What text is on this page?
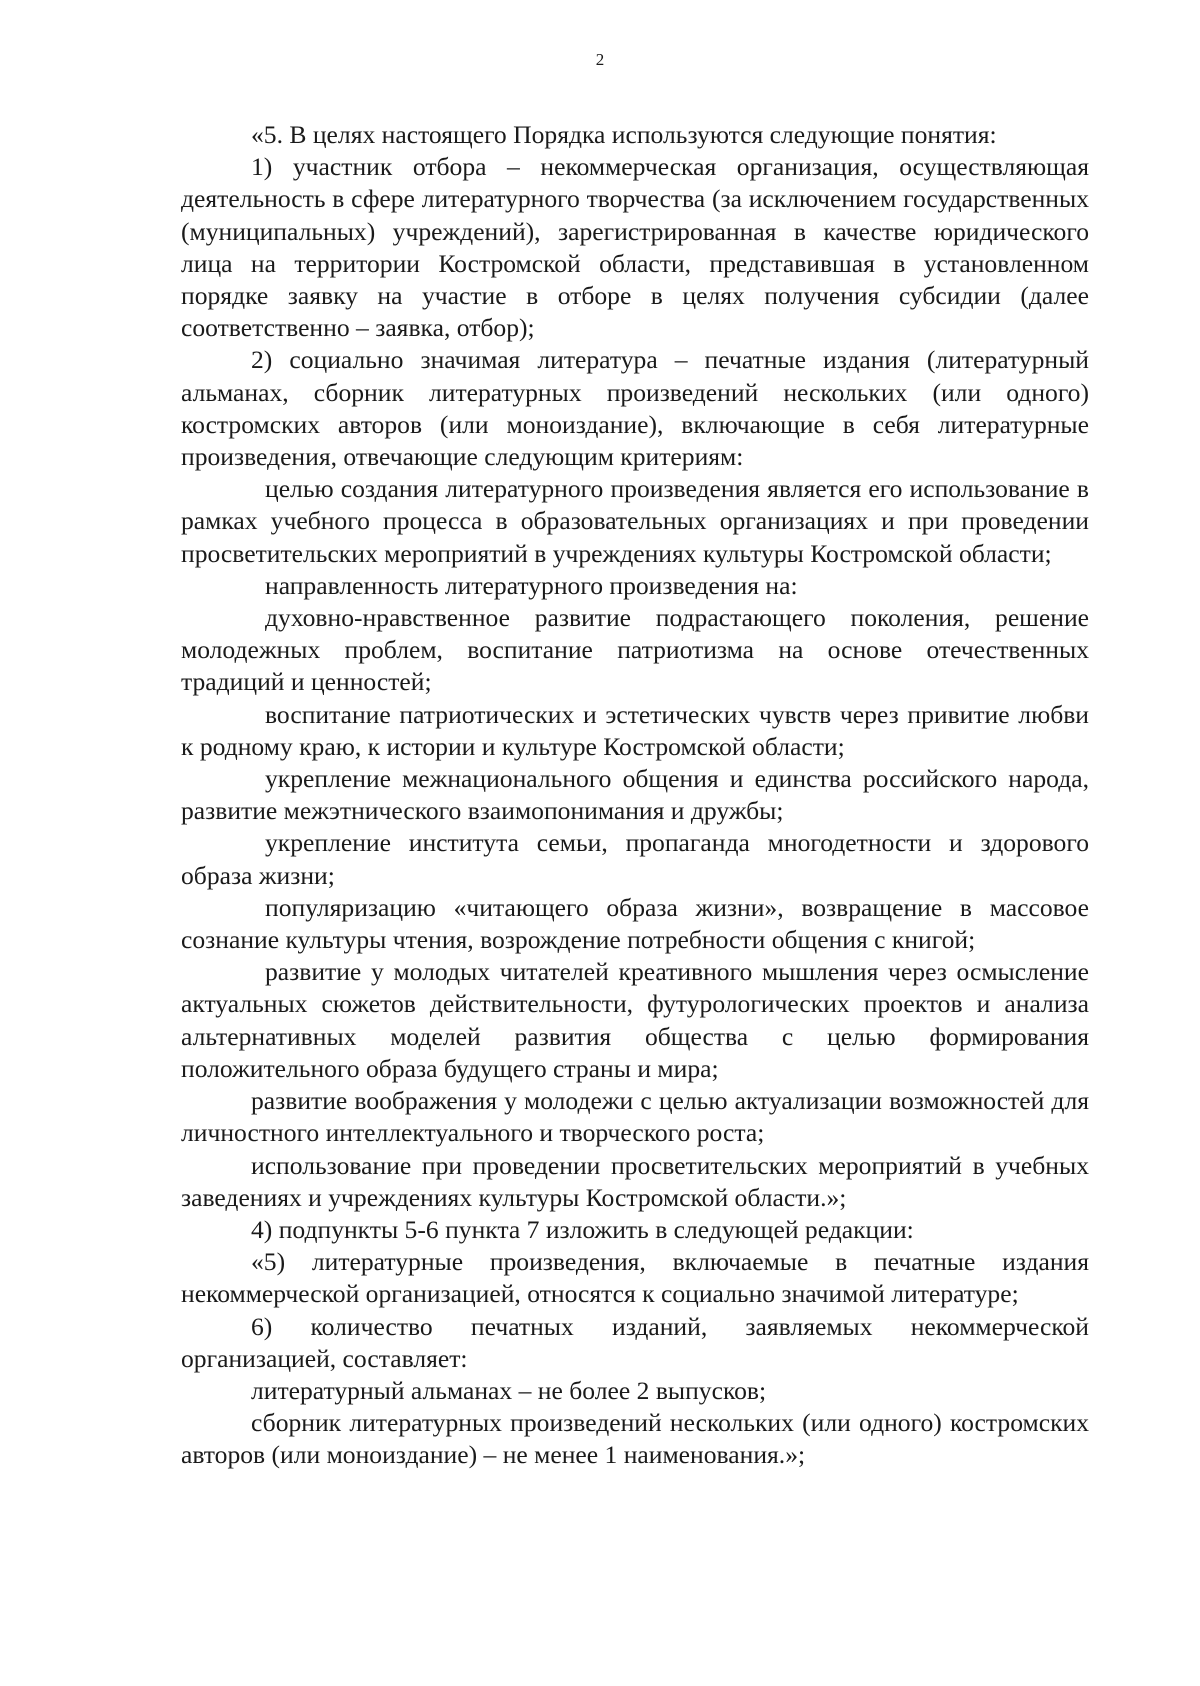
2

«5. В целях настоящего Порядка используются следующие понятия:

1) участник отбора – некоммерческая организация, осуществляющая деятельность в сфере литературного творчества (за исключением государственных (муниципальных) учреждений), зарегистрированная в качестве юридического лица на территории Костромской области, представившая в установленном порядке заявку на участие в отборе в целях получения субсидии (далее соответственно – заявка, отбор);

2) социально значимая литература – печатные издания (литературный альманах, сборник литературных произведений нескольких (или одного) костромских авторов (или моноиздание), включающие в себя литературные произведения, отвечающие следующим критериям:

целью создания литературного произведения является его использование в рамках учебного процесса в образовательных организациях и при проведении просветительских мероприятий в учреждениях культуры Костромской области;

направленность литературного произведения на:

духовно-нравственное развитие подрастающего поколения, решение молодежных проблем, воспитание патриотизма на основе отечественных традиций и ценностей;

воспитание патриотических и эстетических чувств через привитие любви к родному краю, к истории и культуре Костромской области;

укрепление межнационального общения и единства российского народа, развитие межэтнического взаимопонимания и дружбы;

укрепление института семьи, пропаганда многодетности и здорового образа жизни;

популяризацию «читающего образа жизни», возвращение в массовое сознание культуры чтения, возрождение потребности общения с книгой;

развитие у молодых читателей креативного мышления через осмысление актуальных сюжетов действительности, футурологических проектов и анализа альтернативных моделей развития общества с целью формирования положительного образа будущего страны и мира;

развитие воображения у молодежи с целью актуализации возможностей для личностного интеллектуального и творческого роста;

использование при проведении просветительских мероприятий в учебных заведениях и учреждениях культуры Костромской области.»;

4) подпункты 5-6 пункта 7 изложить в следующей редакции:

«5) литературные произведения, включаемые в печатные издания некоммерческой организацией, относятся к социально значимой литературе;

6) количество печатных изданий, заявляемых некоммерческой организацией, составляет:

литературный альманах – не более 2 выпусков;

сборник литературных произведений нескольких (или одного) костромских авторов (или моноиздание) – не менее 1 наименования.»;
